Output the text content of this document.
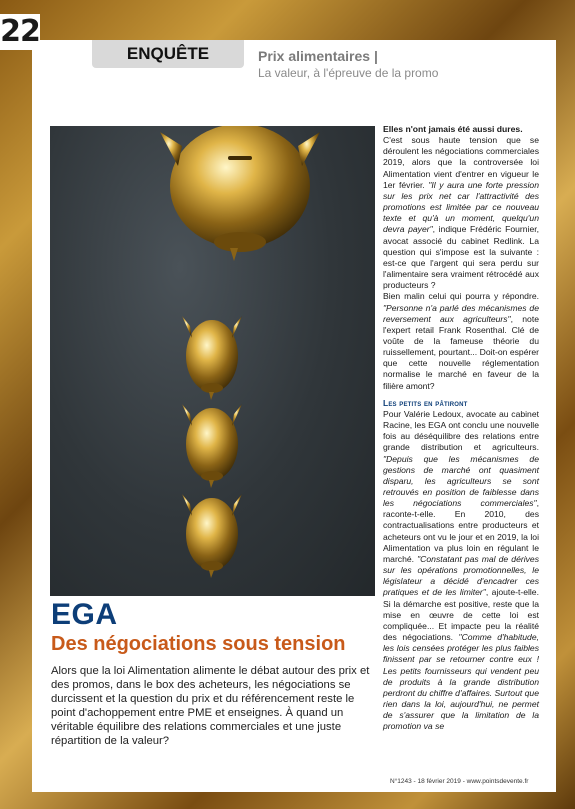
22
ENQUÊTE	Prix alimentaires |
La valeur, à l'épreuve de la promo
EGA
Des négociations sous tension
Alors que la loi Alimentation alimente le débat autour des prix et des promos, dans le box des acheteurs, les négociations se durcissent et la question du prix et du référencement reste le point d'achoppement entre PME et enseignes. À quand un véritable équilibre des relations commerciales et une juste répartition de la valeur?

Elles n'ont jamais été aussi dures.

C'est sous haute tension que se déroulent les négociations commerciales 2019, alors que la controversée loi Alimentation vient d'entrer en vigueur le 1er février. "Il y aura une forte pression sur les prix net car l'attractivité des promotions est limitée par ce nouveau texte et qu'à un moment, quelqu'un devra payer", indique Frédéric Fournier, avocat associé du cabinet Redlink. La question qui s'impose est la suivante : est-ce que l'argent qui sera perdu sur l'alimentaire sera vraiment rétrocédé aux producteurs ?

Bien malin celui qui pourra y répondre. "Personne n'a parlé des mécanismes de reversement aux agriculteurs", note l'expert retail Frank Rosenthal. Clé de voûte de la fameuse théorie du ruissellement, pourtant... Doit-on espérer que cette nouvelle réglementation normalise le marché en faveur de la filière amont?

Les petits en pâtiront

Pour Valérie Ledoux, avocate au cabinet Racine, les EGA ont conclu une nouvelle fois au déséquilibre des relations entre grande distribution et agriculteurs. "Depuis que les mécanismes de gestions de marché ont quasiment disparu, les agriculteurs se sont retrouvés en position de faiblesse dans les négociations commerciales", raconte-t-elle. En 2010, des contractualisations entre producteurs et acheteurs ont vu le jour et en 2019, la loi Alimentation va plus loin en régulant le marché. "Constatant pas mal de dérives sur les opérations promotionnelles, le législateur a décidé d'encadrer ces pratiques et de les limiter", ajoute-t-elle. Si la démarche est positive, reste que la mise en œuvre de cette loi est compliquée... Et impacte peu la réalité des négociations. "Comme d'habitude, les lois censées protéger les plus faibles finissent par se retourner contre eux ! Les petits fournisseurs qui vendent peu de produits à la grande distribution perdront du chiffre d'affaires. Surtout que rien dans la loi, aujourd'hui, ne permet de s'assurer que la limitation de la promotion va se

N°1243 - 18 février 2019 - www.pointsdevente.fr
